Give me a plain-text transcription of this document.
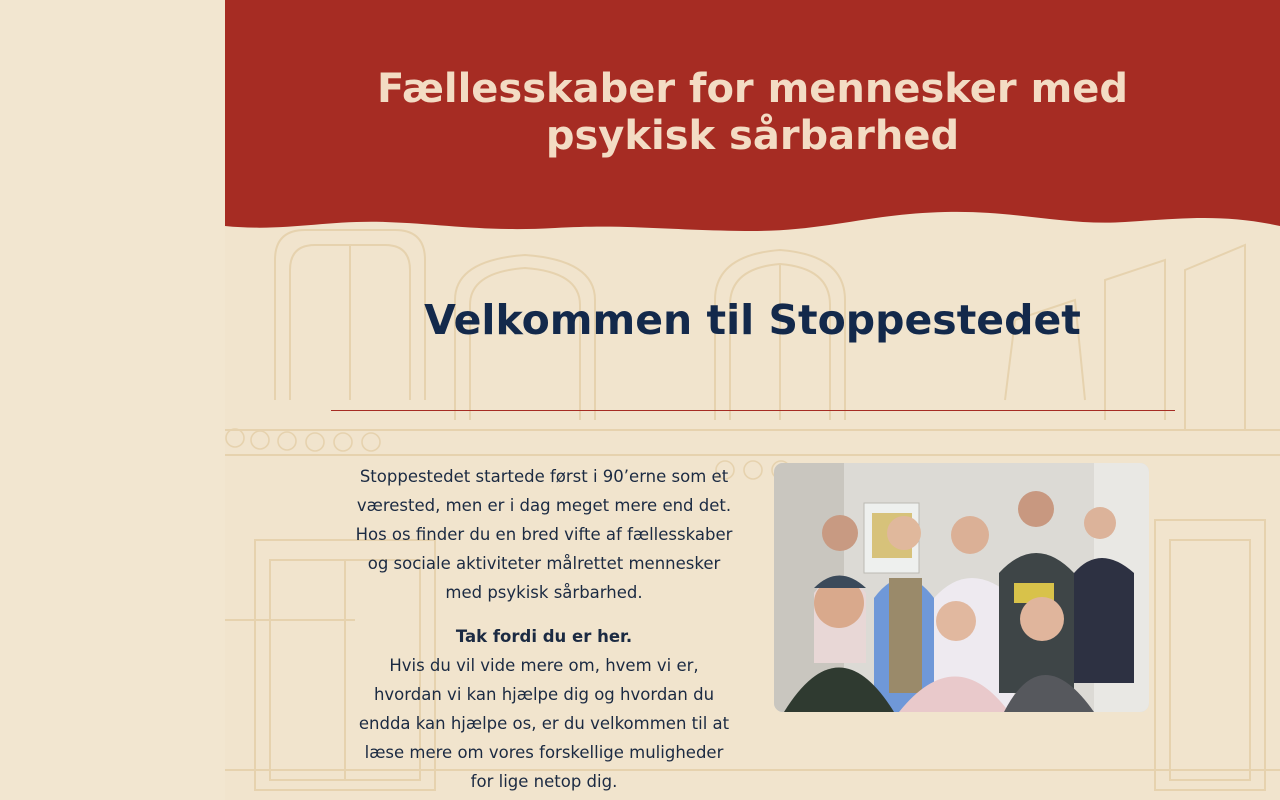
Fællesskaber for mennesker med
psykisk sårbarhed
Velkommen til Stoppestedet

Stoppestedet startede først i 90’erne som et værested, men er i dag meget mere end det. Hos os finder du en bred vifte af fællesskaber og sociale aktiviteter målrettet mennesker med psykisk sårbarhed.

Tak fordi du er her.
Hvis du vil vide mere om, hvem vi er, hvordan vi kan hjælpe dig og hvordan du endda kan hjælpe os, er du velkommen til at læse mere om vores forskellige muligheder for lige netop dig.
